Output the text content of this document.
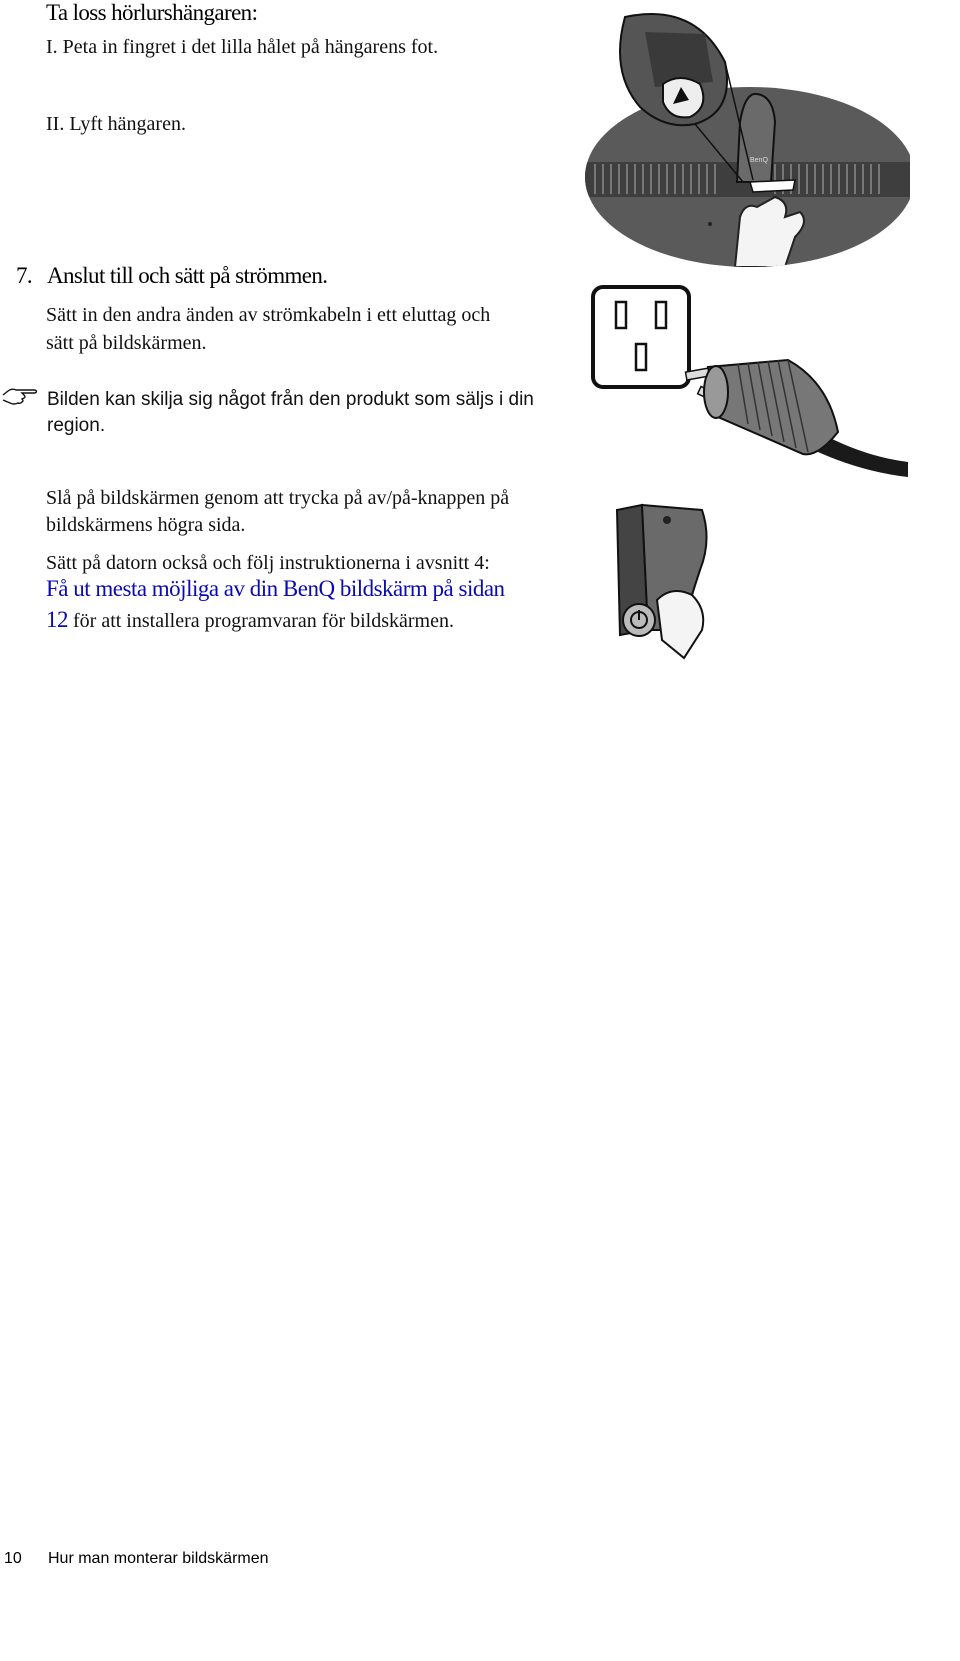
Ta loss hörlurshängaren:
I. Peta in fingret i det lilla hålet på hängarens fot.
II. Lyft hängaren.
BenQ
7. Anslut till och sätt på strömmen.
Sätt in den andra änden av strömkabeln i ett eluttag och
sätt på bildskärmen.
Bilden kan skilja sig något från den produkt som säljs i din
region.
Slå på bildskärmen genom att trycka på av/på-knappen på
bildskärmens högra sida.
Sätt på datorn också och följ instruktionerna i avsnitt 4:
Få ut mesta möjliga av din BenQ bildskärm på sidan
12 för att installera programvaran för bildskärmen.
10 Hur man monterar bildskärmen
